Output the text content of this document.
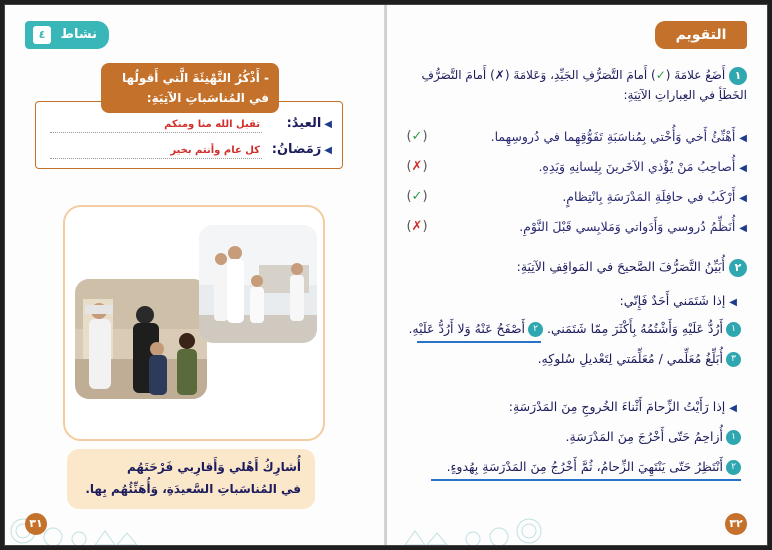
٤	نشاط
◀العيدُ:
تقبل الله منا ومنكم
◀رَمَضانُ:
كل عام وأنتم بخير
- أَذْكُرُ التَّهْنِئَةَ الَّتي أَقولُها في المُناسَباتِ الآتِيَةِ:
أُشارِكُ أَهْلي وَأَقارِبي فَرْحَتَهُم
في المُناسَباتِ السَّعيدَةِ، وَأُهَنِّئُهُم بِها.
٣١
التقويم
١ أَضَعُ علامَةَ (✓) أَمامَ التَّصَرُّفِ الجَيِّدِ، وَعَلامَةَ (✗) أَمامَ التَّصَرُّفِ الخَطَأِ في العِباراتِ الآتِيَةِ:
◀أَهْنِّئُ أَخي وَأُخْتي بِمُناسَبَةِ تَفَوُّقِهِما في دُروسِهِما.
(✓)
◀أُصاحِبُ مَنْ يُؤْذي الآخَرينَ بِلِسانِهِ وَيَدِهِ.
(✗)
◀أَرْكَبُ في حافِلَةِ المَدْرَسَةِ بِانْتِظامٍ.
(✓)
◀أُنَظِّمُ دُروسي وَأَدَواتي وَمَلابِسي قَبْلَ النَّوْمِ.
(✗)
٢ أُبَيِّنُ التَّصَرُّفَ الصَّحيحَ في المَواقِفِ الآتِيَةِ:
◀إذا شَتَمَني أَحَدٌ فَإِنّي:
١أَرُدُّ عَلَيْهِ وَأَشْتُمُهُ بِأَكْثَرَ مِمّا شَتَمَني. ٢أَصْفَحُ عَنْهُ وَلا أَرُدُّ عَلَيْهِ.
٣أُبَلِّغُ مُعَلِّمي / مُعَلِّمَتي لِتَعْديلِ سُلوكِهِ.
◀إذا رَأَيْتُ الزِّحامَ أَثْناءَ الخُروجِ مِنَ المَدْرَسَةِ:
١أُزاحِمُ حَتّى أَخْرُجَ مِنَ المَدْرَسَةِ.
٢أَنْتَظِرُ حَتّى يَنْتَهِيَ الزِّحامُ، ثُمَّ أَخْرُجُ مِنَ المَدْرَسَةِ بِهُدوءٍ.
٣٢
